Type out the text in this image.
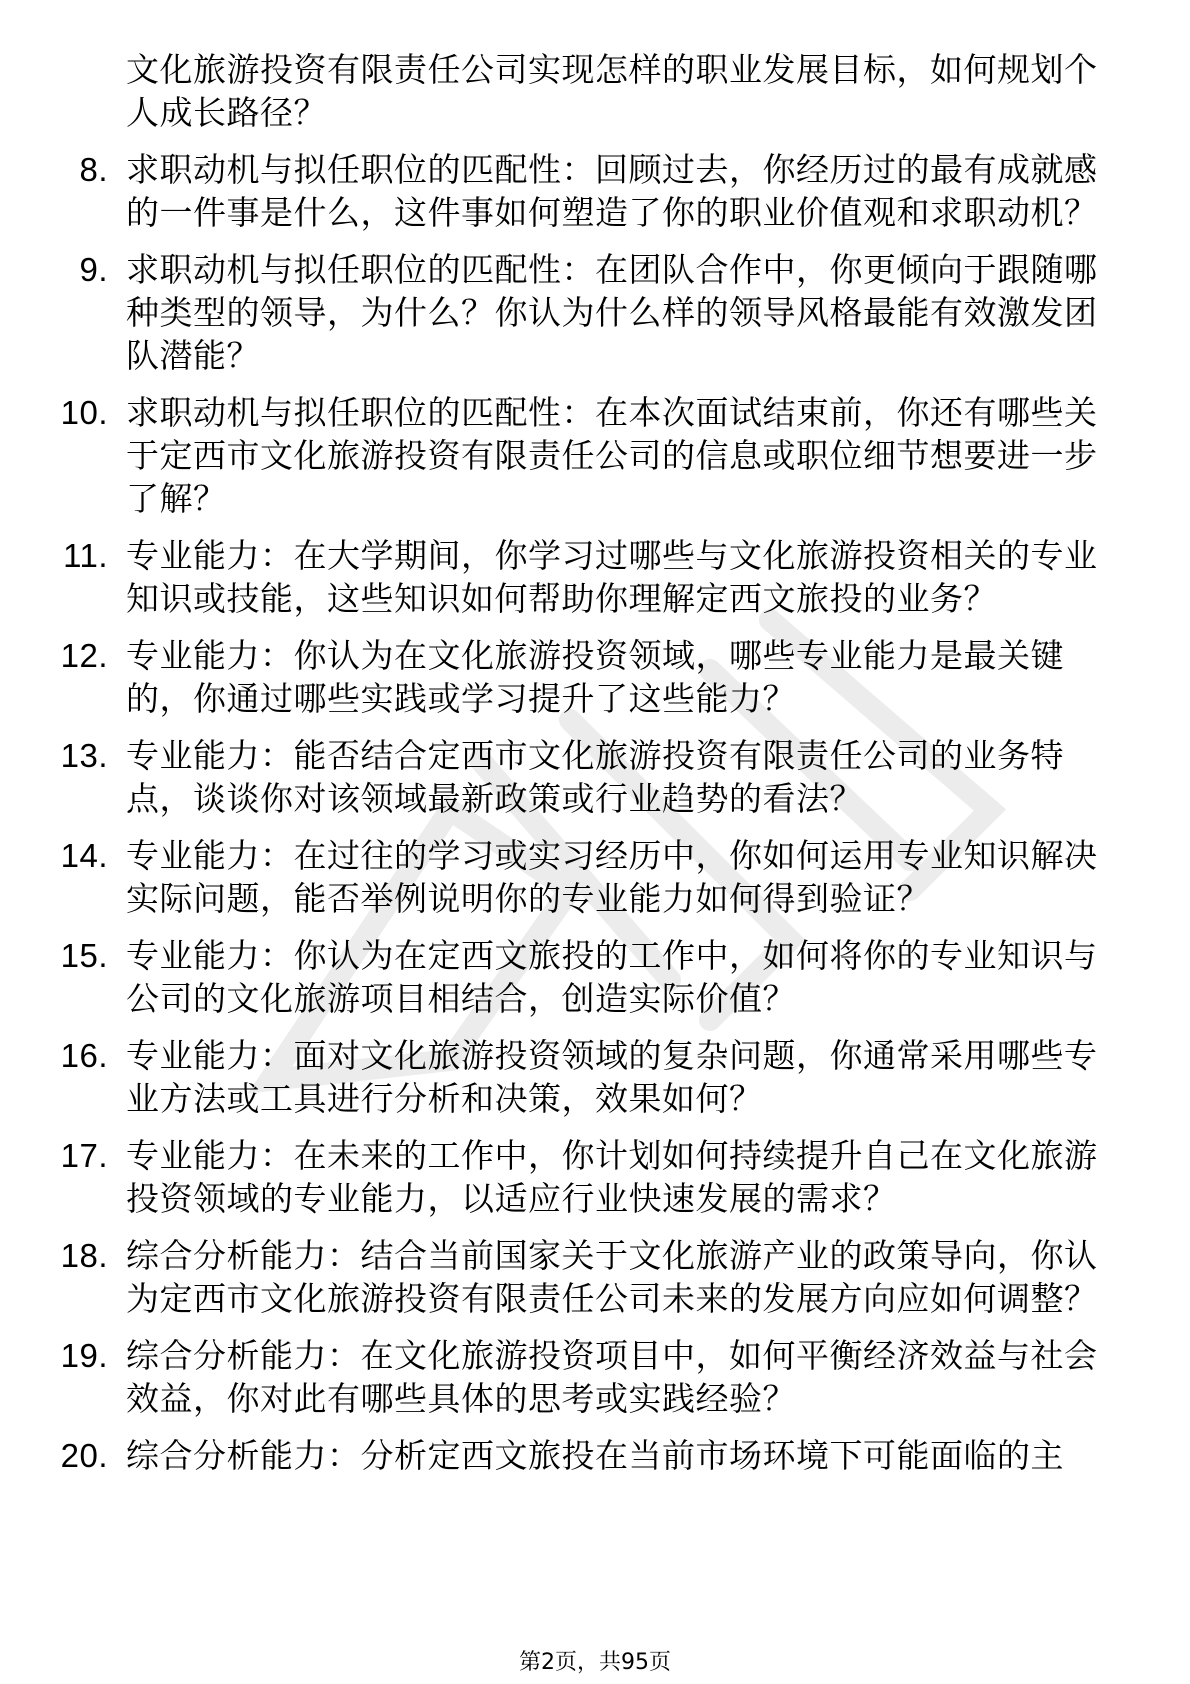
文化旅游投资有限责任公司实现怎样的职业发展目标，如何规划个人成长路径？
8. 求职动机与拟任职位的匹配性：回顾过去，你经历过的最有成就感的一件事是什么，这件事如何塑造了你的职业价值观和求职动机？
9. 求职动机与拟任职位的匹配性：在团队合作中，你更倾向于跟随哪种类型的领导，为什么？你认为什么样的领导风格最能有效激发团队潜能？
10. 求职动机与拟任职位的匹配性：在本次面试结束前，你还有哪些关于定西市文化旅游投资有限责任公司的信息或职位细节想要进一步了解？
11. 专业能力：在大学期间，你学习过哪些与文化旅游投资相关的专业知识或技能，这些知识如何帮助你理解定西文旅投的业务？
12. 专业能力：你认为在文化旅游投资领域，哪些专业能力是最关键的，你通过哪些实践或学习提升了这些能力？
13. 专业能力：能否结合定西市文化旅游投资有限责任公司的业务特点，谈谈你对该领域最新政策或行业趋势的看法？
14. 专业能力：在过往的学习或实习经历中，你如何运用专业知识解决实际问题，能否举例说明你的专业能力如何得到验证？
15. 专业能力：你认为在定西文旅投的工作中，如何将你的专业知识与公司的文化旅游项目相结合，创造实际价值？
16. 专业能力：面对文化旅游投资领域的复杂问题，你通常采用哪些专业方法或工具进行分析和决策，效果如何？
17. 专业能力：在未来的工作中，你计划如何持续提升自己在文化旅游投资领域的专业能力，以适应行业快速发展的需求？
18. 综合分析能力：结合当前国家关于文化旅游产业的政策导向，你认为定西市文化旅游投资有限责任公司未来的发展方向应如何调整？
19. 综合分析能力：在文化旅游投资项目中，如何平衡经济效益与社会效益，你对此有哪些具体的思考或实践经验？
20. 综合分析能力：分析定西文旅投在当前市场环境下可能面临的主
第2页，共95页
